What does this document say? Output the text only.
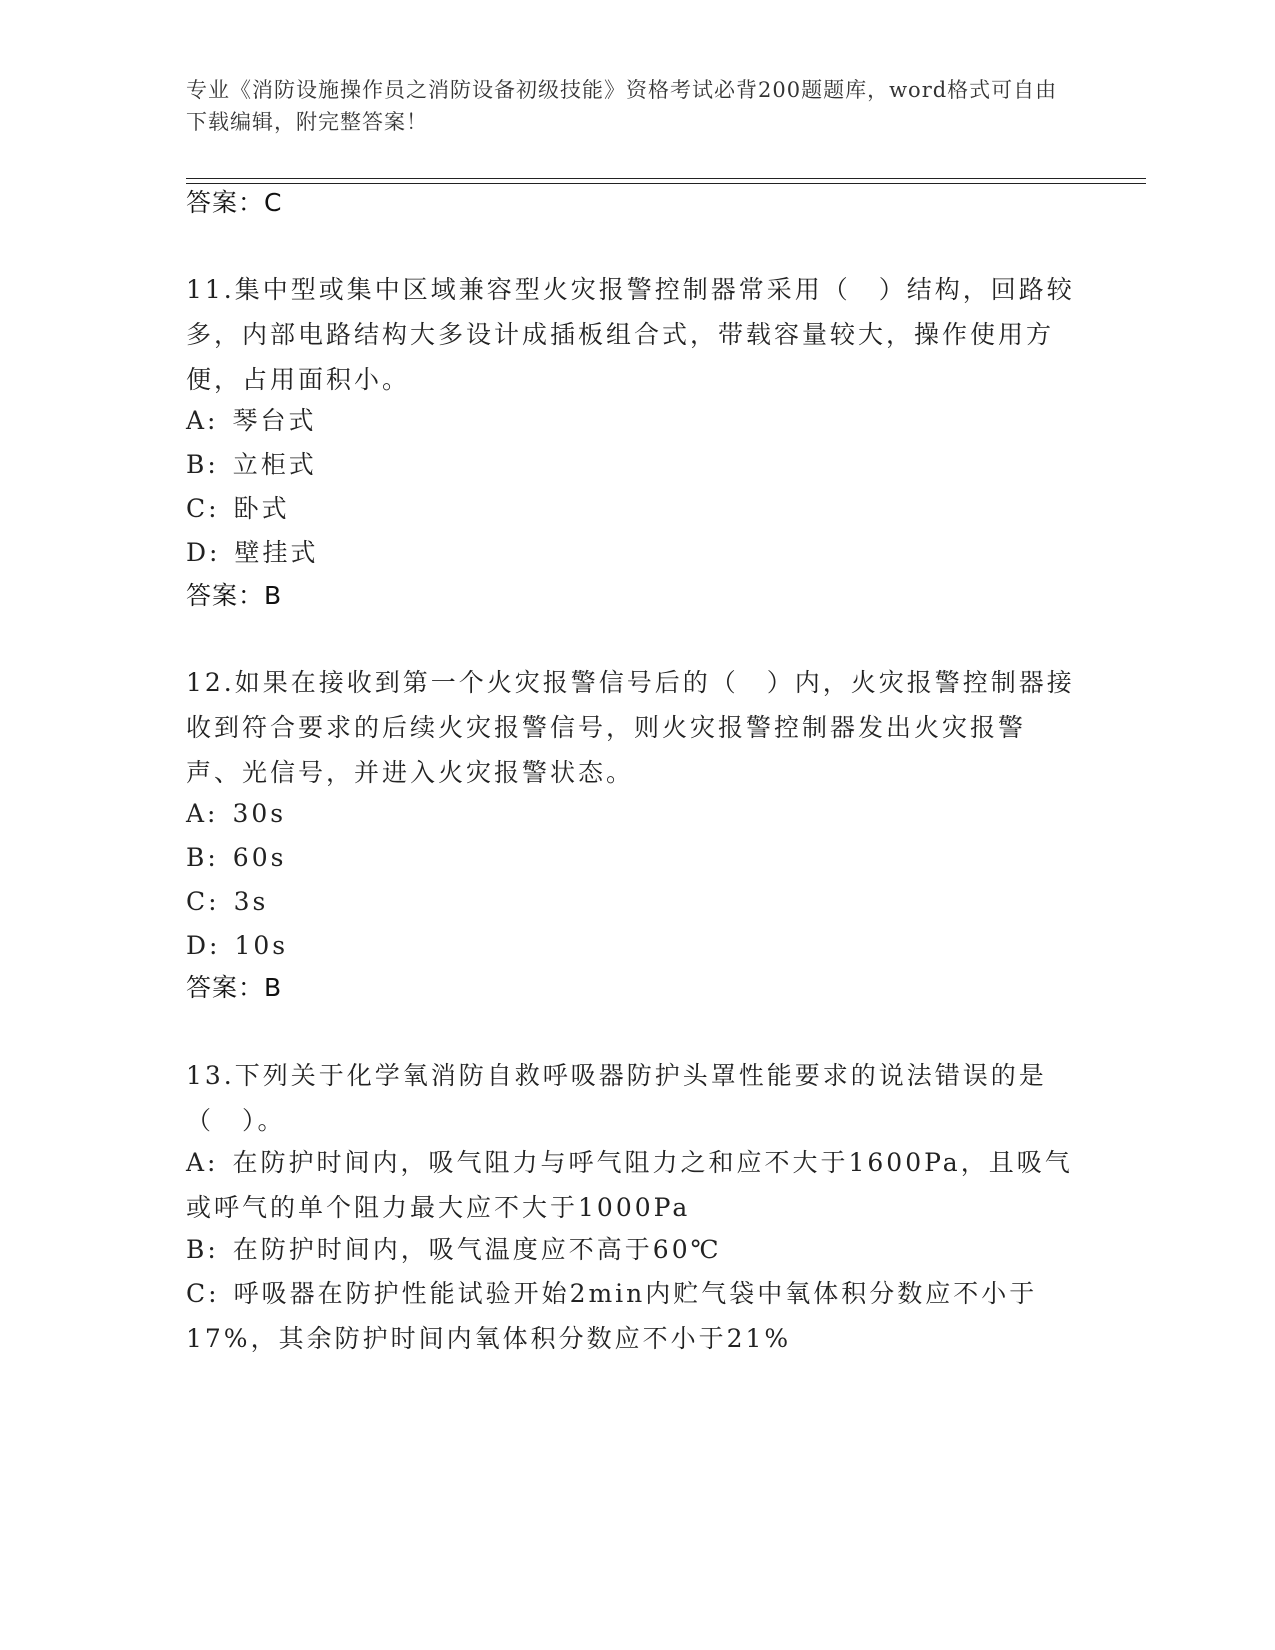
专业《消防设施操作员之消防设备初级技能》资格考试必背200题题库，word格式可自由下载编辑，附完整答案！
答案：C
11.集中型或集中区域兼容型火灾报警控制器常采用（　）结构，回路较多，内部电路结构大多设计成插板组合式，带载容量较大，操作使用方便，占用面积小。
A: 琴台式
B: 立柜式
C: 卧式
D: 壁挂式
答案：B
12.如果在接收到第一个火灾报警信号后的（　）内，火灾报警控制器接收到符合要求的后续火灾报警信号，则火灾报警控制器发出火灾报警声、光信号，并进入火灾报警状态。
A: 30s
B: 60s
C: 3s
D: 10s
答案：B
13.下列关于化学氧消防自救呼吸器防护头罩性能要求的说法错误的是（　）。
A: 在防护时间内，吸气阻力与呼气阻力之和应不大于1600Pa，且吸气或呼气的单个阻力最大应不大于1000Pa
B: 在防护时间内，吸气温度应不高于60℃
C: 呼吸器在防护性能试验开始2min内贮气袋中氧体积分数应不小于17%，其余防护时间内氧体积分数应不小于21%
